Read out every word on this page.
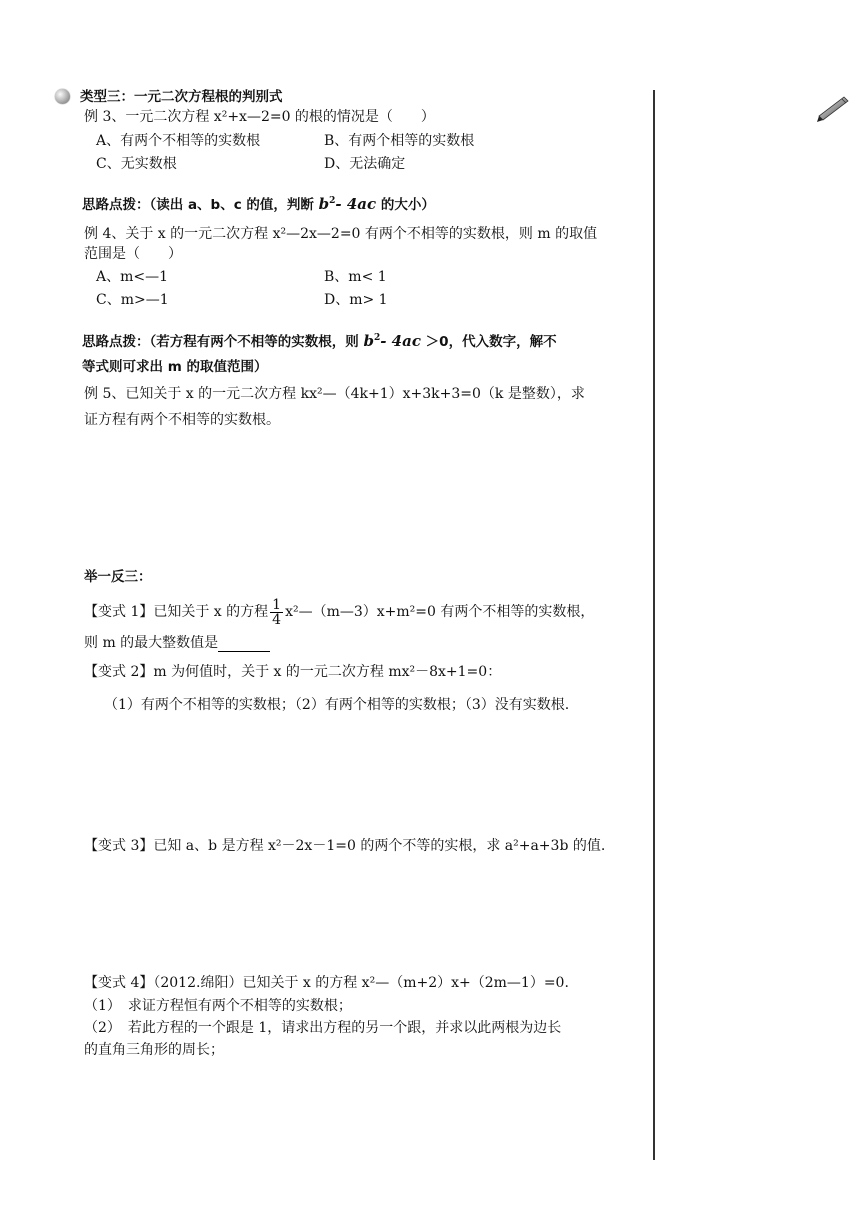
类型三：一元二次方程根的判别式
例 3、一元二次方程 x²+x—2=0 的根的情况是（　　）
A、有两个不相等的实数根	B、有两个相等的实数根
C、无实数根	D、无法确定
思路点拨：（读出 a、b、c 的值，判断 $b^2-$ 4ac 的大小）
例 4、关于 x 的一元二次方程 x²—2x—2=0 有两个不相等的实数根，则 m 的取值
范围是（　　）
A、m<—1	B、m< 1
C、m>—1	D、m> 1
思路点拨：（若方程有两个不相等的实数根，则 $b^2-$ 4ac ＞0，代入数字，解不
等式则可求出 m 的取值范围）
例 5、已知关于 x 的一元二次方程 kx²—（4k+1）x+3k+3=0（k 是整数），求
证方程有两个不相等的实数根。
举一反三：
【变式 1】已知关于 x 的方程 $\frac{1}{4}$ x²—（m—3）x+m²=0 有两个不相等的实数根，
则 m 的最大整数值是
【变式 2】m 为何值时，关于 x 的一元二次方程 mx²－8x+1=0：
（1）有两个不相等的实数根；（2）有两个相等的实数根；（3）没有实数根.
【变式 3】已知 a、b 是方程 x²－2x－1=0 的两个不等的实根，求 a²+a+3b 的值.
【变式 4】（2012.绵阳）已知关于 x 的方程 x²—（m+2）x+（2m—1）=0.
（1）　求证方程恒有两个不相等的实数根；
（2）　若此方程的一个跟是 1，请求出方程的另一个跟，并求以此两根为边长
的直角三角形的周长；
